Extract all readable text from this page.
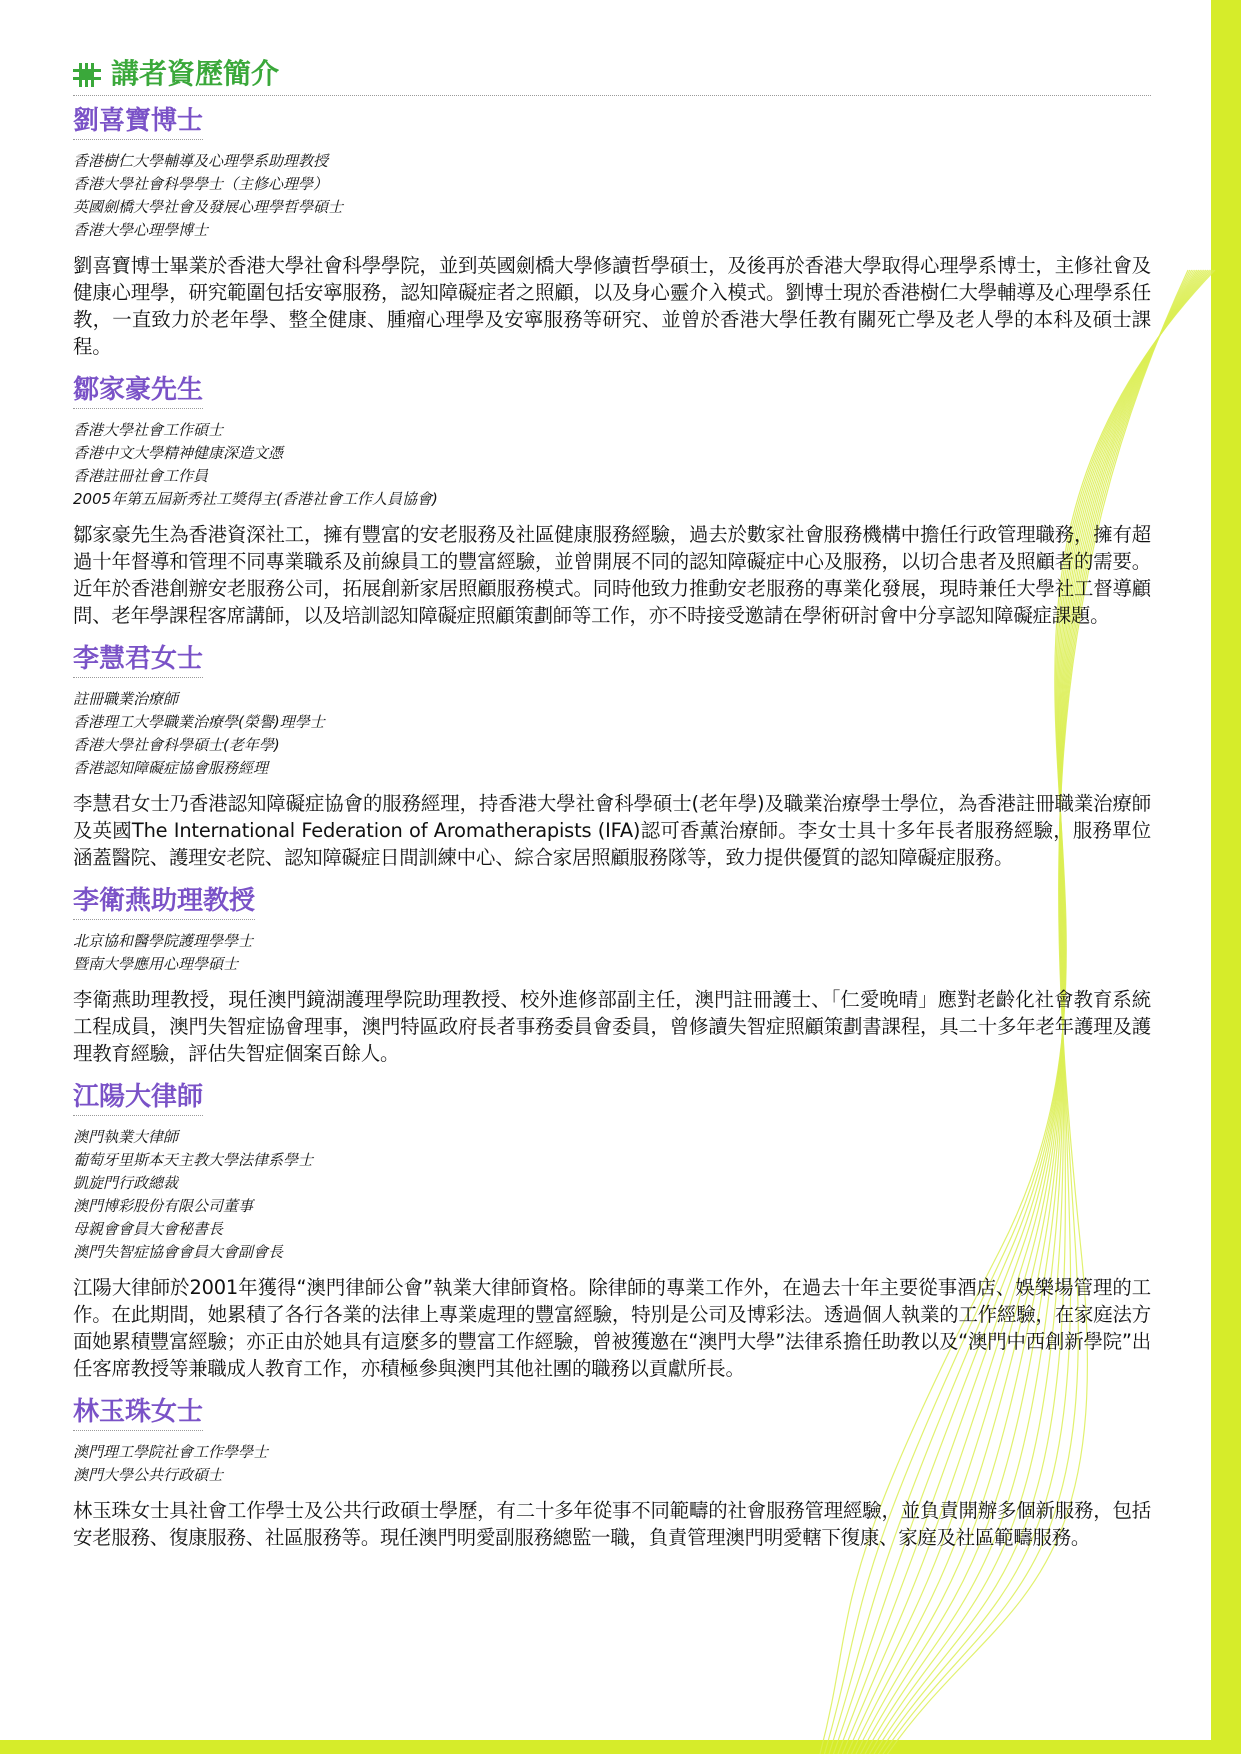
講者資歷簡介
劉喜寶博士
香港樹仁大學輔導及心理學系助理教授
香港大學社會科學學士（主修心理學）
英國劍橋大學社會及發展心理學哲學碩士
香港大學心理學博士

劉喜寶博士畢業於香港大學社會科學學院，並到英國劍橋大學修讀哲學碩士，及後再於香港大學取得心理學系博士，主修社會及健康心理學，研究範圍包括安寧服務，認知障礙症者之照顧，以及身心靈介入模式。劉博士現於香港樹仁大學輔導及心理學系任教，一直致力於老年學、整全健康、腫瘤心理學及安寧服務等研究、並曾於香港大學任教有關死亡學及老人學的本科及碩士課程。

鄒家豪先生
香港大學社會工作碩士
香港中文大學精神健康深造文憑
香港註冊社會工作員
2005年第五屆新秀社工獎得主(香港社會工作人員協會)

鄒家豪先生為香港資深社工，擁有豐富的安老服務及社區健康服務經驗，過去於數家社會服務機構中擔任行政管理職務，擁有超過十年督導和管理不同專業職系及前線員工的豐富經驗，並曾開展不同的認知障礙症中心及服務，以切合患者及照顧者的需要。近年於香港創辦安老服務公司，拓展創新家居照顧服務模式。同時他致力推動安老服務的專業化發展，現時兼任大學社工督導顧問、老年學課程客席講師，以及培訓認知障礙症照顧策劃師等工作，亦不時接受邀請在學術研討會中分享認知障礙症課題。

李慧君女士
註冊職業治療師
香港理工大學職業治療學(榮譽)理學士
香港大學社會科學碩士(老年學)
香港認知障礙症協會服務經理

李慧君女士乃香港認知障礙症協會的服務經理，持香港大學社會科學碩士(老年學)及職業治療學士學位，為香港註冊職業治療師及英國The International Federation of Aromatherapists (IFA)認可香薰治療師。李女士具十多年長者服務經驗，服務單位涵蓋醫院、護理安老院、認知障礙症日間訓練中心、綜合家居照顧服務隊等，致力提供優質的認知障礙症服務。

李衛燕助理教授
北京協和醫學院護理學學士
暨南大學應用心理學碩士

李衛燕助理教授，現任澳門鏡湖護理學院助理教授、校外進修部副主任，澳門註冊護士、「仁愛晚晴」應對老齡化社會教育系統工程成員，澳門失智症協會理事，澳門特區政府長者事務委員會委員，曾修讀失智症照顧策劃書課程，具二十多年老年護理及護理教育經驗，評估失智症個案百餘人。

江陽大律師
澳門執業大律師
葡萄牙里斯本天主教大學法律系學士
凱旋門行政總裁
澳門博彩股份有限公司董事
母親會會員大會秘書長
澳門失智症協會會員大會副會長

江陽大律師於2001年獲得“澳門律師公會”執業大律師資格。除律師的專業工作外，在過去十年主要從事酒店、娛樂場管理的工作。在此期間，她累積了各行各業的法律上專業處理的豐富經驗，特別是公司及博彩法。透過個人執業的工作經驗，在家庭法方面她累積豐富經驗；亦正由於她具有這麼多的豐富工作經驗，曾被獲邀在“澳門大學”法律系擔任助教以及“澳門中西創新學院”出任客席教授等兼職成人教育工作，亦積極參與澳門其他社團的職務以貢獻所長。

林玉珠女士
澳門理工學院社會工作學學士
澳門大學公共行政碩士

林玉珠女士具社會工作學士及公共行政碩士學歷，有二十多年從事不同範疇的社會服務管理經驗，並負責開辦多個新服務，包括安老服務、復康服務、社區服務等。現任澳門明愛副服務總監一職，負責管理澳門明愛轄下復康、家庭及社區範疇服務。
